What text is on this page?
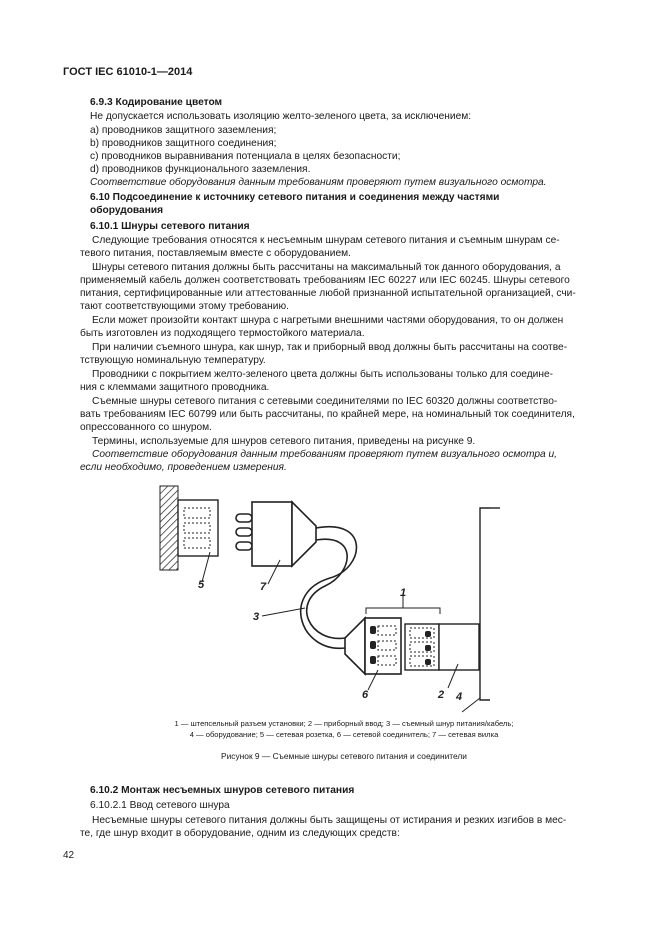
ГОСТ IEC 61010-1—2014
6.9.3 Кодирование цветом
Не допускается использовать изоляцию желто-зеленого цвета, за исключением:
a) проводников защитного заземления;
b) проводников защитного соединения;
c) проводников выравнивания потенциала в целях безопасности;
d) проводников функционального заземления.
Соответствие оборудования данным требованиям проверяют путем визуального осмотра.
6.10 Подсоединение к источнику сетевого питания и соединения между частями
оборудования
6.10.1 Шнуры сетевого питания
Следующие требования относятся к несъемным шнурам сетевого питания и съемным шнурам се-
тевого питания, поставляемым вместе с оборудованием.
Шнуры сетевого питания должны быть рассчитаны на максимальный ток данного оборудования, а
применяемый кабель должен соответствовать требованиям IEC 60227 или IEC 60245. Шнуры сетевого
питания, сертифицированные или аттестованные любой признанной испытательной организацией, счи-
тают соответствующими этому требованию.
Если может произойти контакт шнура с нагретыми внешними частями оборудования, то он должен
быть изготовлен из подходящего термостойкого материала.
При наличии съемного шнура, как шнур, так и приборный ввод должны быть рассчитаны на соотве-
тствующую номинальную температуру.
Проводники с покрытием желто-зеленого цвета должны быть использованы только для соедине-
ния с клеммами защитного проводника.
Съемные шнуры сетевого питания с сетевыми соединителями по IEC 60320 должны соответство-
вать требованиям IEC 60799 или быть рассчитаны, по крайней мере, на номинальный ток соединителя,
опрессованного со шнуром.
Термины, используемые для шнуров сетевого питания, приведены на рисунке 9.
Соответствие оборудования данным требованиям проверяют путем визуального осмотра и,
если необходимо, проведением измерения.
5	7
3
1
6	2 4
1 — штепсельный разъем установки; 2 — приборный ввод; 3 — съемный шнур питания/кабель;
4 — оборудование; 5 — сетевая розетка, 6 — сетевой соединитель; 7 — сетевая вилка
Рисунок 9 — Съемные шнуры сетевого питания и соединители
6.10.2 Монтаж несъемных шнуров сетевого питания
6.10.2.1 Ввод сетевого шнура
Несъемные шнуры сетевого питания должны быть защищены от истирания и резких изгибов в мес-
те, где шнур входит в оборудование, одним из следующих средств:
42
